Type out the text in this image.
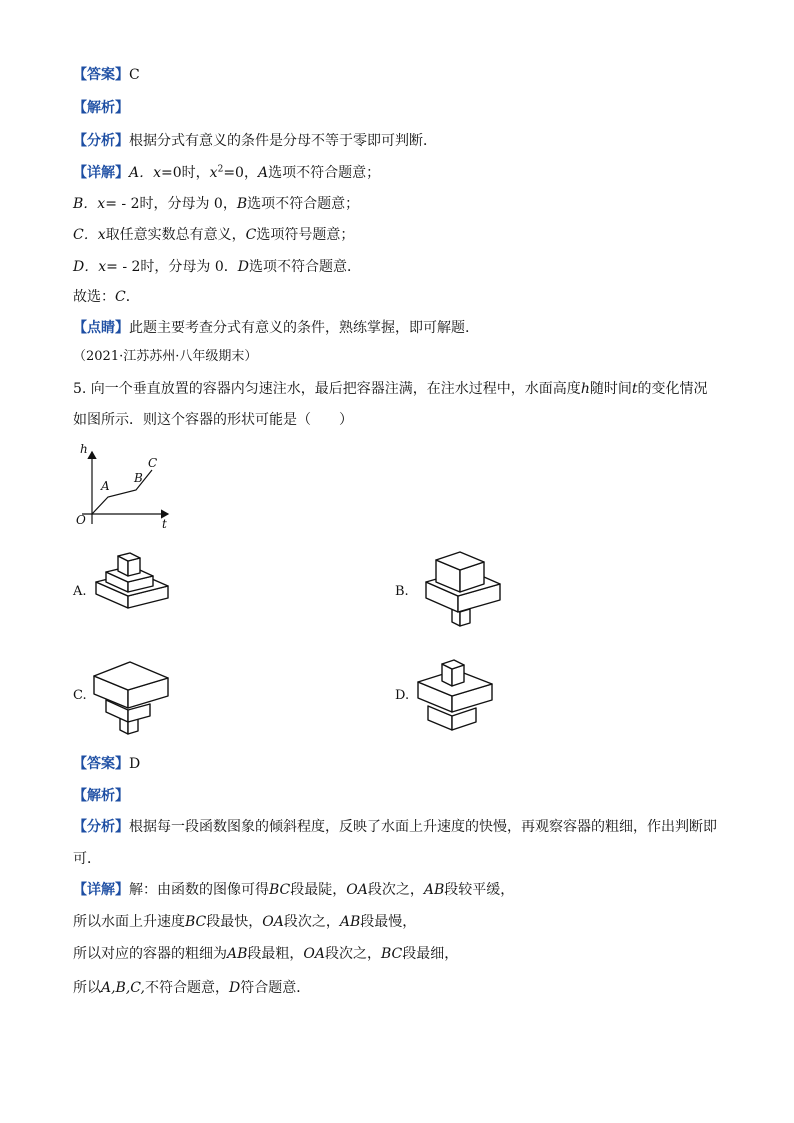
【答案】C
【解析】
【分析】根据分式有意义的条件是分母不等于零即可判断．
【详解】A．x=0时，$x^2=0$，A选项不符合题意；
B．x= - 2时，分母为 0，B选项不符合题意；
C．x取任意实数总有意义，C选项符号题意；
D．x= - 2时，分母为 0．D选项不符合题意．
故选：C．
【点睛】此题主要考查分式有意义的条件，熟练掌握，即可解题.
（2021·江苏苏州·八年级期末）
5. 向一个垂直放置的容器内匀速注水，最后把容器注满，在注水过程中，水面高度h随时间t的变化情况
如图所示．则这个容器的形状可能是（　　）
h
t
O
A
B
C
A.	B.
C.	D.
【答案】D
【解析】
【分析】根据每一段函数图象的倾斜程度，反映了水面上升速度的快慢，再观察容器的粗细，作出判断即
可．
【详解】解：由函数的图像可得BC段最陡，OA段次之，AB段较平缓，
所以水面上升速度BC段最快，OA段次之，AB段最慢，
所以对应的容器的粗细为AB段最粗，OA段次之，BC段最细，
所以A,B,C,不符合题意，D符合题意．
